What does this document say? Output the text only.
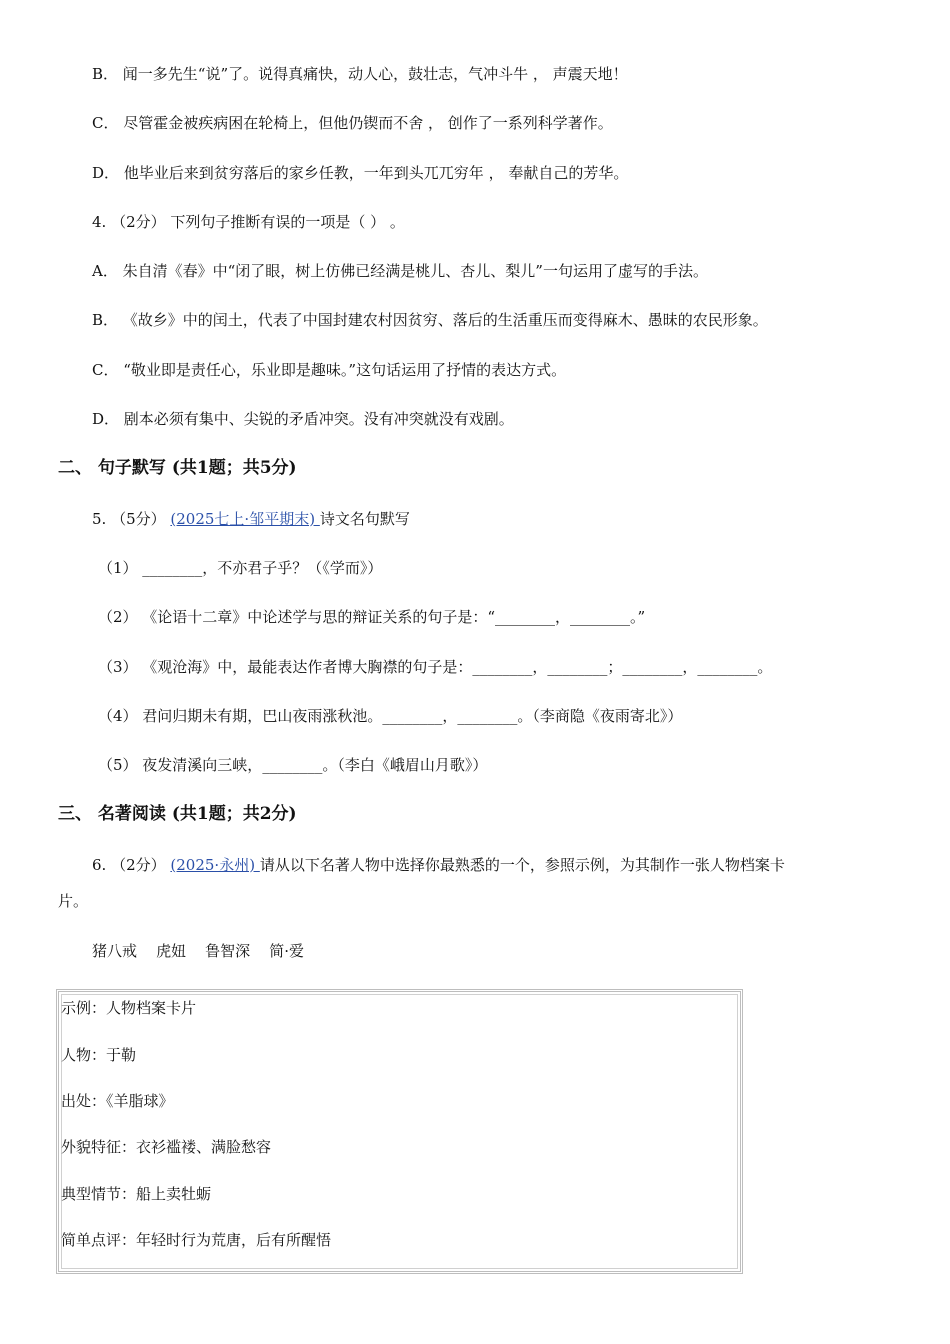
B． 闻一多先生“说”了。说得真痛快，动人心，鼓壮志，气冲斗牛 ， 声震天地！
C． 尽管霍金被疾病困在轮椅上，但他仍锲而不舍 ， 创作了一系列科学著作。
D． 他毕业后来到贫穷落后的家乡任教，一年到头兀兀穷年 ， 奉献自己的芳华。
4. （2分） 下列句子推断有误的一项是（ ） 。
A． 朱自清《春》中“闭了眼，树上仿佛已经满是桃儿、杏儿、梨儿”一句运用了虚写的手法。
B． 《故乡》中的闰土，代表了中国封建农村因贫穷、落后的生活重压而变得麻木、愚昧的农民形象。
C． “敬业即是责任心，乐业即是趣味。”这句话运用了抒情的表达方式。
D． 剧本必须有集中、尖锐的矛盾冲突。没有冲突就没有戏剧。
二、 句子默写 (共1题；共5分)
5. （5分） (2025七上·邹平期末) 诗文名句默写
（1） ________，不亦君子乎？（《学而》）
（2） 《论语十二章》中论述学与思的辩证关系的句子是：“________，________。”
（3） 《观沧海》中，最能表达作者博大胸襟的句子是：________，________；________，________。
（4） 君问归期未有期，巴山夜雨涨秋池。________，________。（李商隐《夜雨寄北》）
（5） 夜发清溪向三峡，________。（李白《峨眉山月歌》）
三、 名著阅读 (共1题；共2分)
6. （2分） (2025·永州) 请从以下名著人物中选择你最熟悉的一个，参照示例，为其制作一张人物档案卡
片。
猪八戒    虎妞    鲁智深    简·爱
示例：人物档案卡片
人物：于勒
出处：《羊脂球》
外貌特征：衣衫褴褛、满脸愁容
典型情节：船上卖牡蛎
简单点评：年轻时行为荒唐，后有所醒悟
